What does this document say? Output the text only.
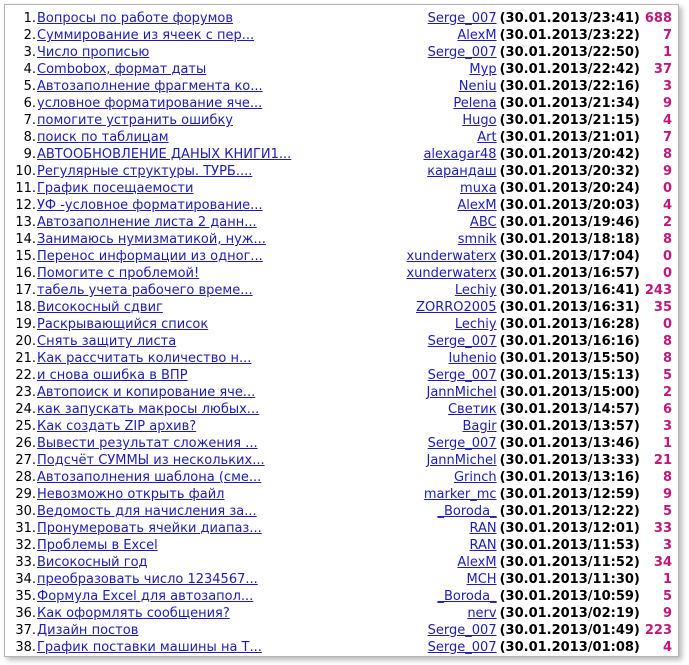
1. Вопросы по работе форумов	Serge_007 (30.01.2013/23:41) 688
2. Суммирование из ячеек с пер...	AlexM (30.01.2013/23:22) 7
3. Число прописью	Serge_007 (30.01.2013/22:50) 1
4. Combobox, формат даты	Myp (30.01.2013/22:42) 37
5. Автозаполнение фрагмента ко...	Neniu (30.01.2013/22:16) 3
6. условное форматирование яче...	Pelena (30.01.2013/21:34) 9
7. помогите устранить ошибку	Hugo (30.01.2013/21:15) 4
8. поиск по таблицам	Art (30.01.2013/21:01) 7
9. АВТООБНОВЛЕНИЕ ДАНЫХ КНИГИ1...	alexagar48 (30.01.2013/20:42) 8
10. Регулярные структуры. ТУРБ....	карандаш (30.01.2013/20:32) 9
11. График посещаемости	muxa (30.01.2013/20:24) 0
12. УФ -условное форматирование...	AlexM (30.01.2013/20:03) 4
13. Автозаполнение листа 2 данн...	ABC (30.01.2013/19:46) 2
14. Занимаюсь нумизматикой, нуж...	smnik (30.01.2013/18:18) 8
15. Перенос информации из одног...	xunderwaterx (30.01.2013/17:04) 0
16. Помогите с проблемой!	xunderwaterx (30.01.2013/16:57) 0
17. табель учета рабочего време...	Lechiy (30.01.2013/16:41) 243
18. Високосный сдвиг	ZORRO2005 (30.01.2013/16:31) 35
19. Раскрывающийся список	Lechiy (30.01.2013/16:28) 0
20. Снять защиту листа	Serge_007 (30.01.2013/16:16) 8
21. Как рассчитать количество н...	Iuhenio (30.01.2013/15:50) 8
22. и снова ошибка в ВПР	Serge_007 (30.01.2013/15:13) 5
23. Автопоиск и копирование яче...	JannMichel (30.01.2013/15:00) 2
24. как запускать макросы любых...	Светик (30.01.2013/14:57) 6
25. Как создать ZIP архив?	Bagir (30.01.2013/13:57) 3
26. Вывести результат сложения ...	Serge_007 (30.01.2013/13:46) 1
27. Подсчёт СУММЫ из нескольких...	JannMichel (30.01.2013/13:33) 21
28. Автозаполнения шаблона (сме...	Grinch (30.01.2013/13:16) 8
29. Невозможно открыть файл	marker_mc (30.01.2013/12:59) 9
30. Ведомость для начисления за...	_Boroda_ (30.01.2013/12:22) 5
31. Пронумеровать ячейки диапаз...	RAN (30.01.2013/12:01) 33
32. Проблемы в Excel	RAN (30.01.2013/11:53) 3
33. Високосный год	AlexM (30.01.2013/11:52) 34
34. преобразовать число 1234567...	MCH (30.01.2013/11:30) 1
35. Формула Excel для автозапол...	_Boroda_ (30.01.2013/10:59) 5
36. Как оформлять сообщения?	nerv (30.01.2013/02:19) 9
37. Дизайн постов	Serge_007 (30.01.2013/01:49) 223
38. График поставки машины на Т...	Serge_007 (30.01.2013/01:08) 4
